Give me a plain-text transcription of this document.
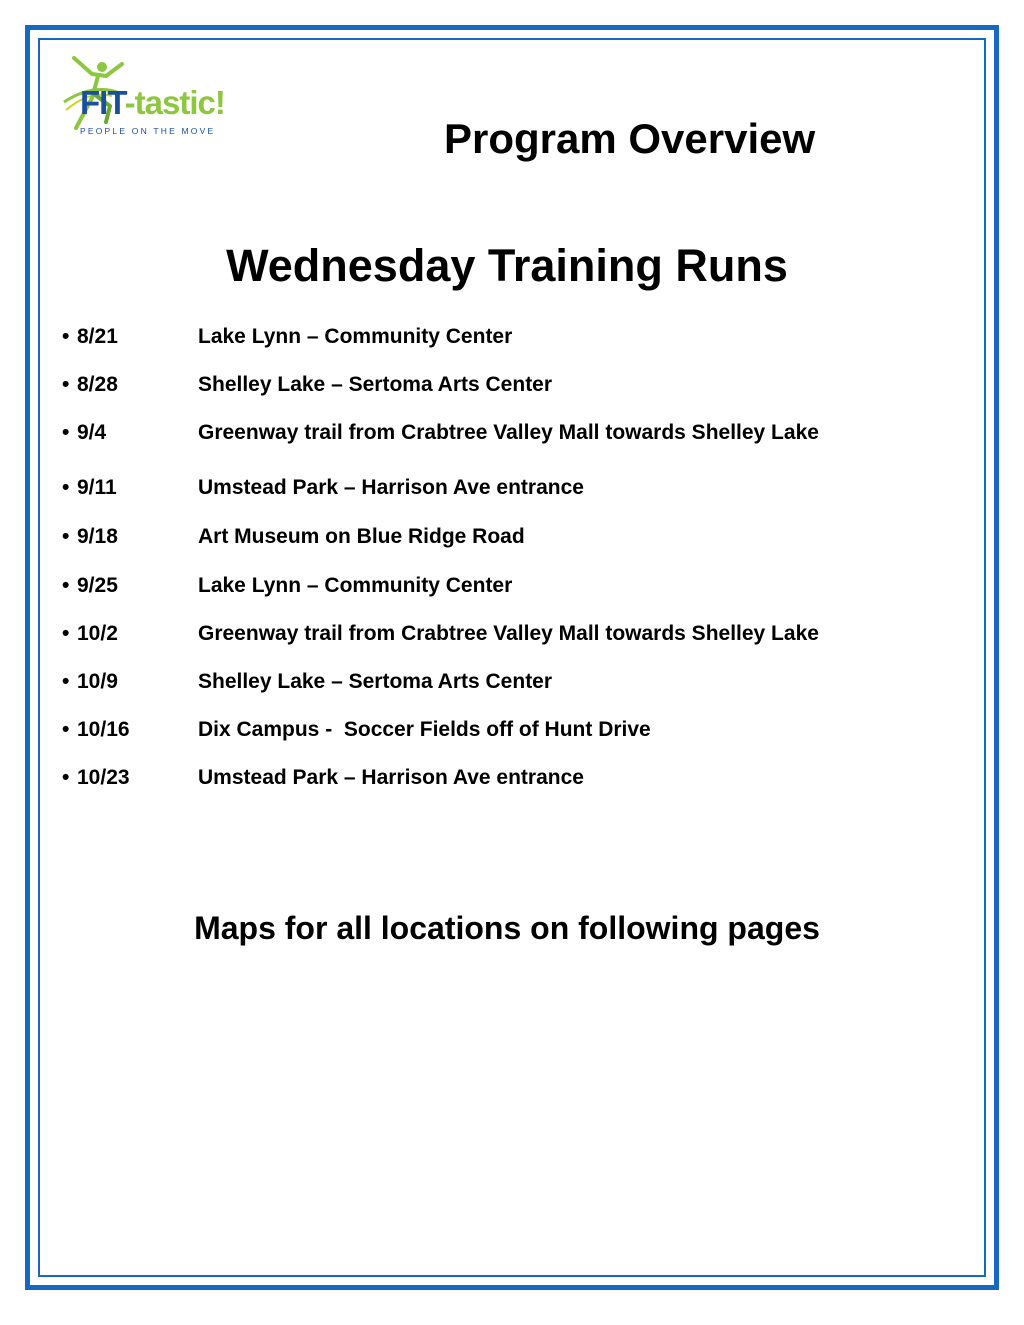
FIT-tastic!
PEOPLE ON THE MOVE	Program Overview
Wednesday Training Runs
• 8/21	Lake Lynn – Community Center
• 8/28	Shelley Lake – Sertoma Arts Center
• 9/4	Greenway trail from Crabtree Valley Mall towards Shelley Lake
• 9/11	Umstead Park – Harrison Ave entrance
• 9/18	Art Museum on Blue Ridge Road
• 9/25	Lake Lynn – Community Center
• 10/2	Greenway trail from Crabtree Valley Mall towards Shelley Lake
• 10/9	Shelley Lake – Sertoma Arts Center
• 10/16	Dix Campus -  Soccer Fields off of Hunt Drive
• 10/23	Umstead Park – Harrison Ave entrance
Maps for all locations on following pages
